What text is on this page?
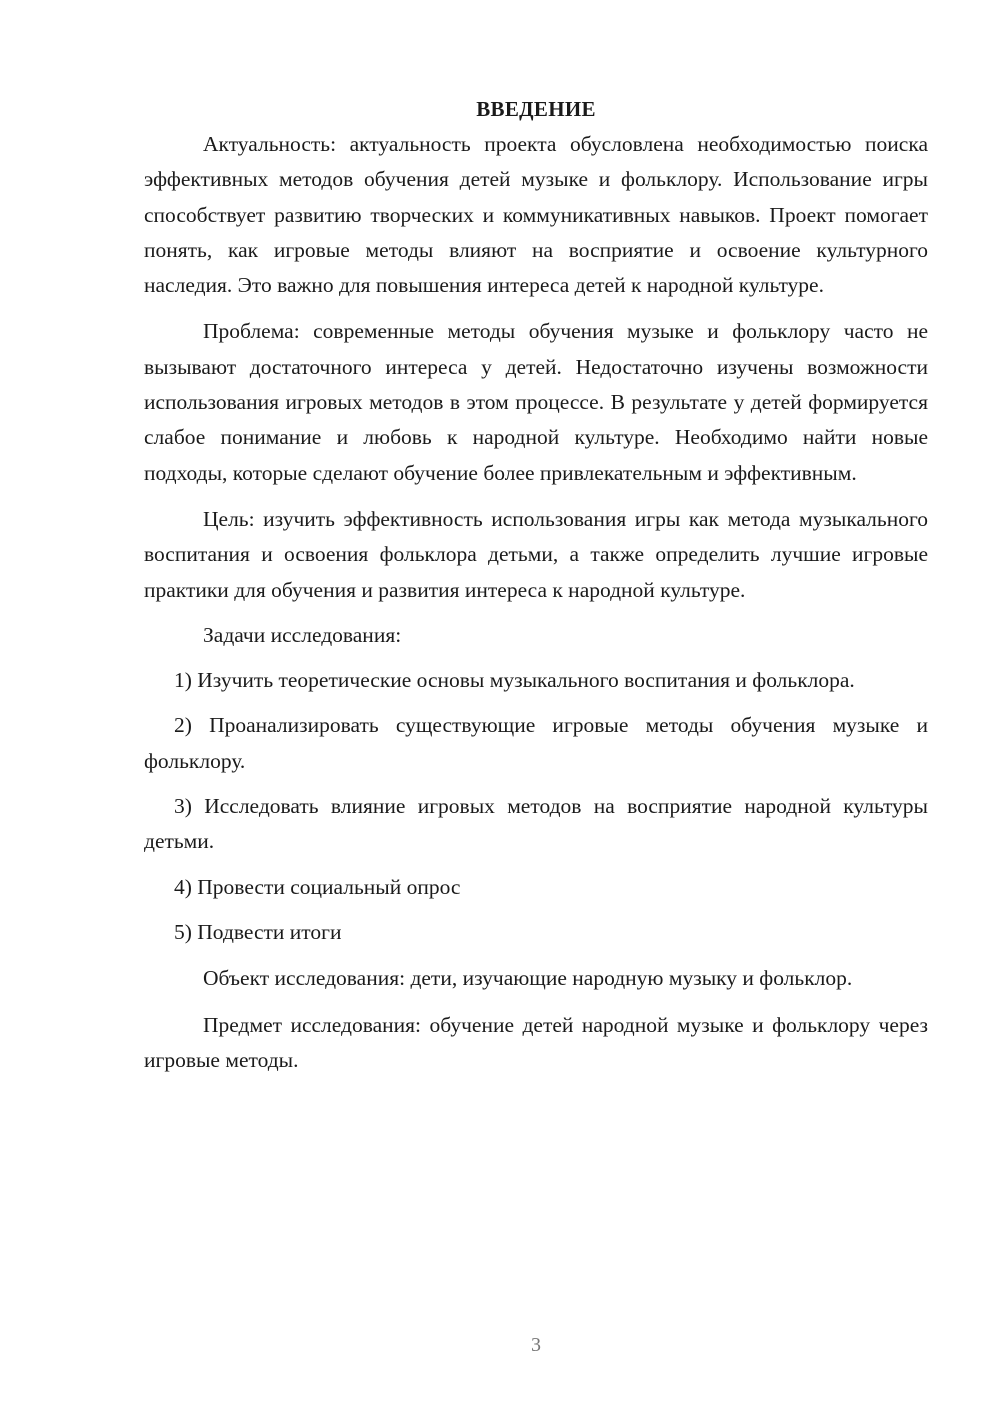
ВВЕДЕНИЕ

Актуальность: актуальность проекта обусловлена необходимостью поиска эффективных методов обучения детей музыке и фольклору. Использование игры способствует развитию творческих и коммуникативных навыков. Проект помогает понять, как игровые методы влияют на восприятие и освоение культурного наследия. Это важно для повышения интереса детей к народной культуре.

Проблема: современные методы обучения музыке и фольклору часто не вызывают достаточного интереса у детей. Недостаточно изучены возможности использования игровых методов в этом процессе. В результате у детей формируется слабое понимание и любовь к народной культуре. Необходимо найти новые подходы, которые сделают обучение более привлекательным и эффективным.

Цель: изучить эффективность использования игры как метода музыкального воспитания и освоения фольклора детьми, а также определить лучшие игровые практики для обучения и развития интереса к народной культуре.

Задачи исследования:

1) Изучить теоретические основы музыкального воспитания и фольклора.

2) Проанализировать существующие игровые методы обучения музыке и фольклору.

3) Исследовать влияние игровых методов на восприятие народной культуры детьми.

4) Провести социальный опрос

5) Подвести итоги

Объект исследования: дети, изучающие народную музыку и фольклор.

Предмет исследования: обучение детей народной музыке и фольклору через игровые методы.

3
